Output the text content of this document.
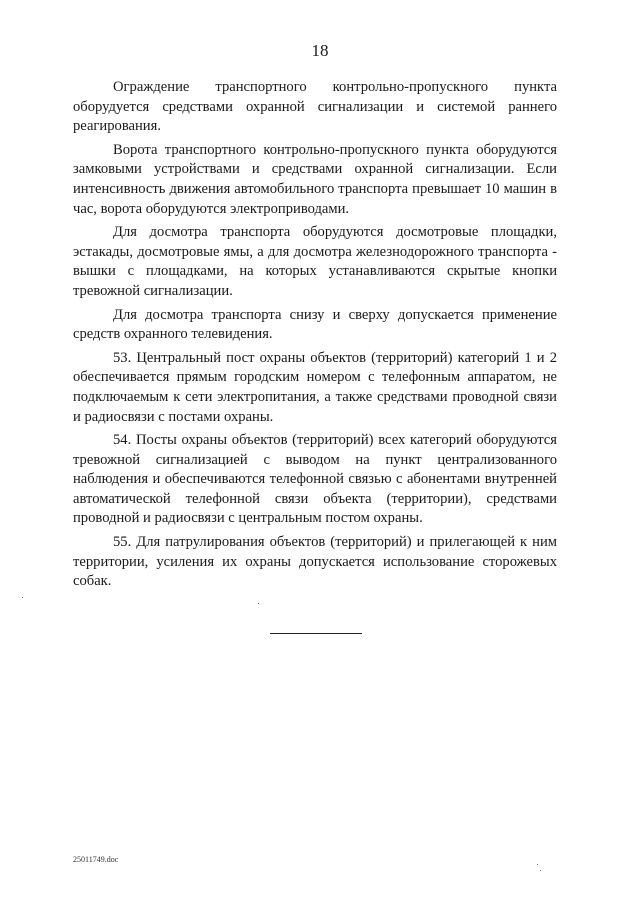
18

Ограждение транспортного контрольно-пропускного пункта оборудуется средствами охранной сигнализации и системой раннего реагирования.

Ворота транспортного контрольно-пропускного пункта оборудуются замковыми устройствами и средствами охранной сигнализации. Если интенсивность движения автомобильного транспорта превышает 10 машин в час, ворота оборудуются электроприводами.

Для досмотра транспорта оборудуются досмотровые площадки, эстакады, досмотровые ямы, а для досмотра железнодорожного транспорта - вышки с площадками, на которых устанавливаются скрытые кнопки тревожной сигнализации.

Для досмотра транспорта снизу и сверху допускается применение средств охранного телевидения.

53. Центральный пост охраны объектов (территорий) категорий 1 и 2 обеспечивается прямым городским номером с телефонным аппаратом, не подключаемым к сети электропитания, а также средствами проводной связи и радиосвязи с постами охраны.

54. Посты охраны объектов (территорий) всех категорий оборудуются тревожной сигнализацией с выводом на пункт централизованного наблюдения и обеспечиваются телефонной связью с абонентами внутренней автоматической телефонной связи объекта (территории), средствами проводной и радиосвязи с центральным постом охраны.

55. Для патрулирования объектов (территорий) и прилегающей к ним территории, усиления их охраны допускается использование сторожевых собак.

25011749.doc
